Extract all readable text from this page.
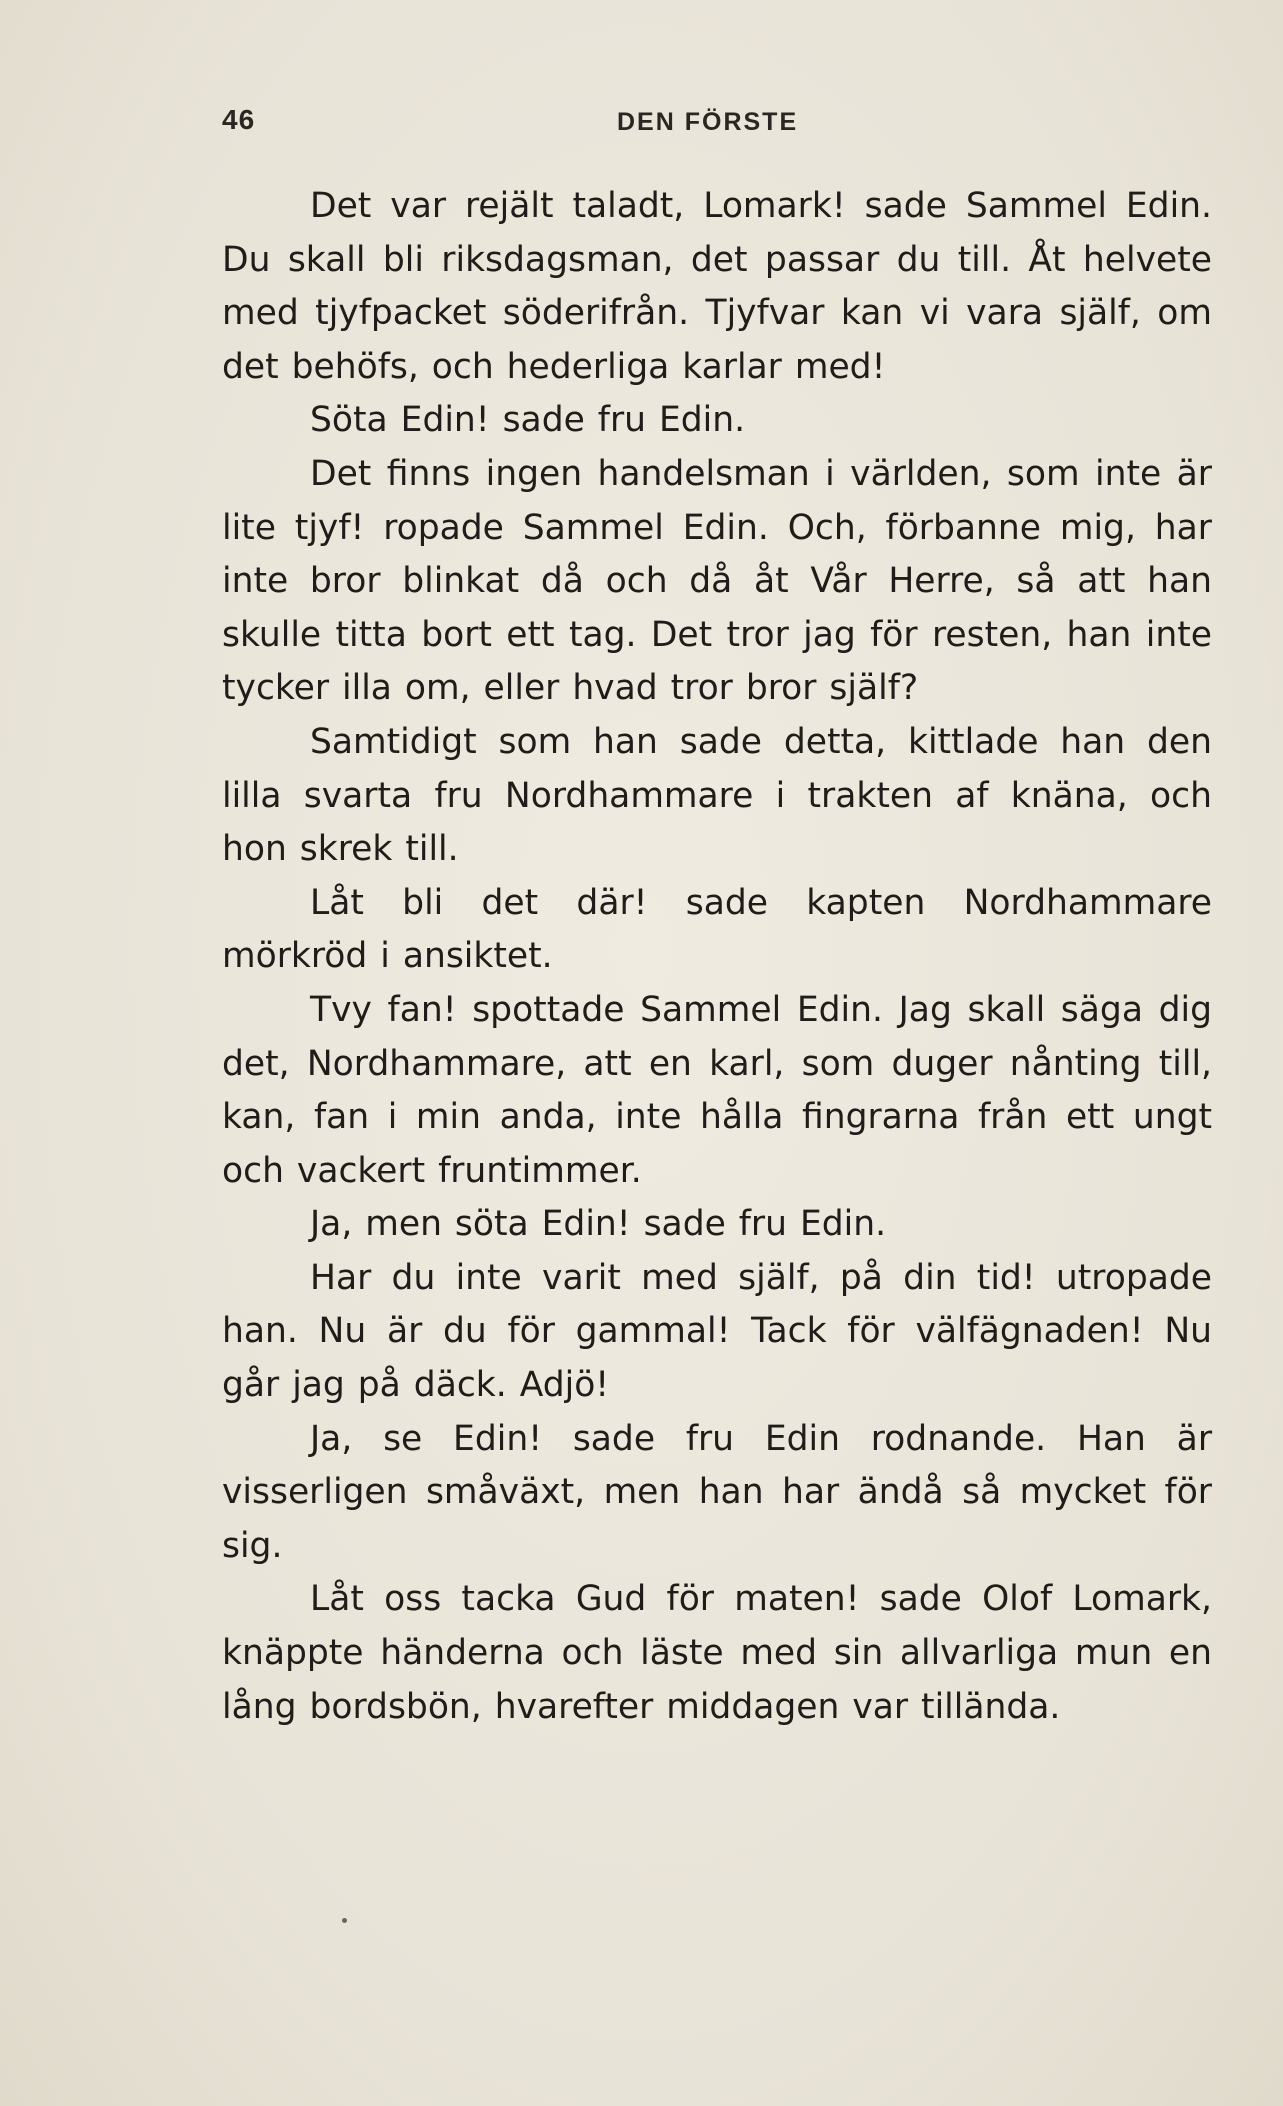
46	DEN FÖRSTE

Det var rejält taladt, Lomark! sade Sammel Edin. Du skall bli riksdagsman, det passar du till. Åt helvete med tjyfpacket söderifrån. Tjyfvar kan vi vara själf, om det behöfs, och hederliga karlar med!

Söta Edin! sade fru Edin.

Det finns ingen handelsman i världen, som inte är lite tjyf! ropade Sammel Edin. Och, förbanne mig, har inte bror blinkat då och då åt Vår Herre, så att han skulle titta bort ett tag. Det tror jag för resten, han inte tycker illa om, eller hvad tror bror själf?

Samtidigt som han sade detta, kittlade han den lilla svarta fru Nordhammare i trakten af knäna, och hon skrek till.

Låt bli det där! sade kapten Nordhammare mörkröd i ansiktet.

Tvy fan! spottade Sammel Edin. Jag skall säga dig det, Nordhammare, att en karl, som duger nånting till, kan, fan i min anda, inte hålla fingrarna från ett ungt och vackert fruntimmer.

Ja, men söta Edin! sade fru Edin.

Har du inte varit med själf, på din tid! utropade han. Nu är du för gammal! Tack för välfägnaden! Nu går jag på däck. Adjö!

Ja, se Edin! sade fru Edin rodnande. Han är visserligen småväxt, men han har ändå så mycket för sig.

Låt oss tacka Gud för maten! sade Olof Lomark, knäppte händerna och läste med sin allvarliga mun en lång bordsbön, hvarefter middagen var tilländа.
